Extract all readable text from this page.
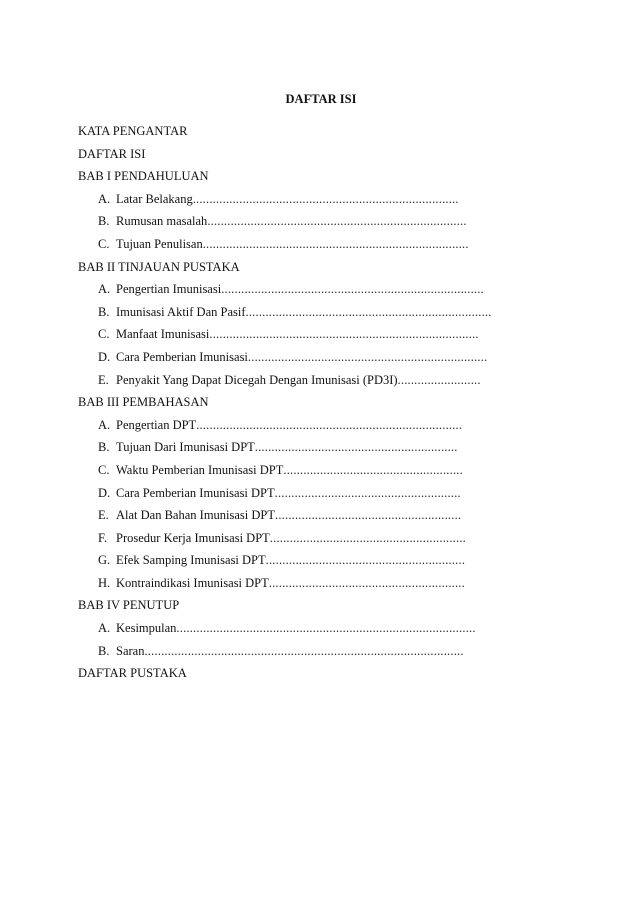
DAFTAR ISI
KATA PENGANTAR
DAFTAR ISI
BAB I PENDAHULUAN
A. Latar Belakang................................................................................
B. Rumusan masalah..............................................................................
C. Tujuan Penulisan................................................................................
BAB II TINJAUAN PUSTAKA
A. Pengertian Imunisasi...............................................................................
B. Imunisasi Aktif Dan Pasif..........................................................................
C. Manfaat Imunisasi.................................................................................
D. Cara Pemberian Imunisasi........................................................................
E. Penyakit Yang Dapat Dicegah Dengan Imunisasi (PD3I).........................
BAB III PEMBAHASAN
A. Pengertian DPT................................................................................
B. Tujuan Dari Imunisasi DPT.............................................................
C. Waktu Pemberian Imunisasi DPT......................................................
D. Cara Pemberian Imunisasi DPT........................................................
E. Alat Dan Bahan Imunisasi DPT........................................................
F. Prosedur Kerja Imunisasi DPT...........................................................
G. Efek Samping Imunisasi DPT............................................................
H. Kontraindikasi Imunisasi DPT...........................................................
BAB IV PENUTUP
A. Kesimpulan..........................................................................................
B. Saran................................................................................................
DAFTAR PUSTAKA
